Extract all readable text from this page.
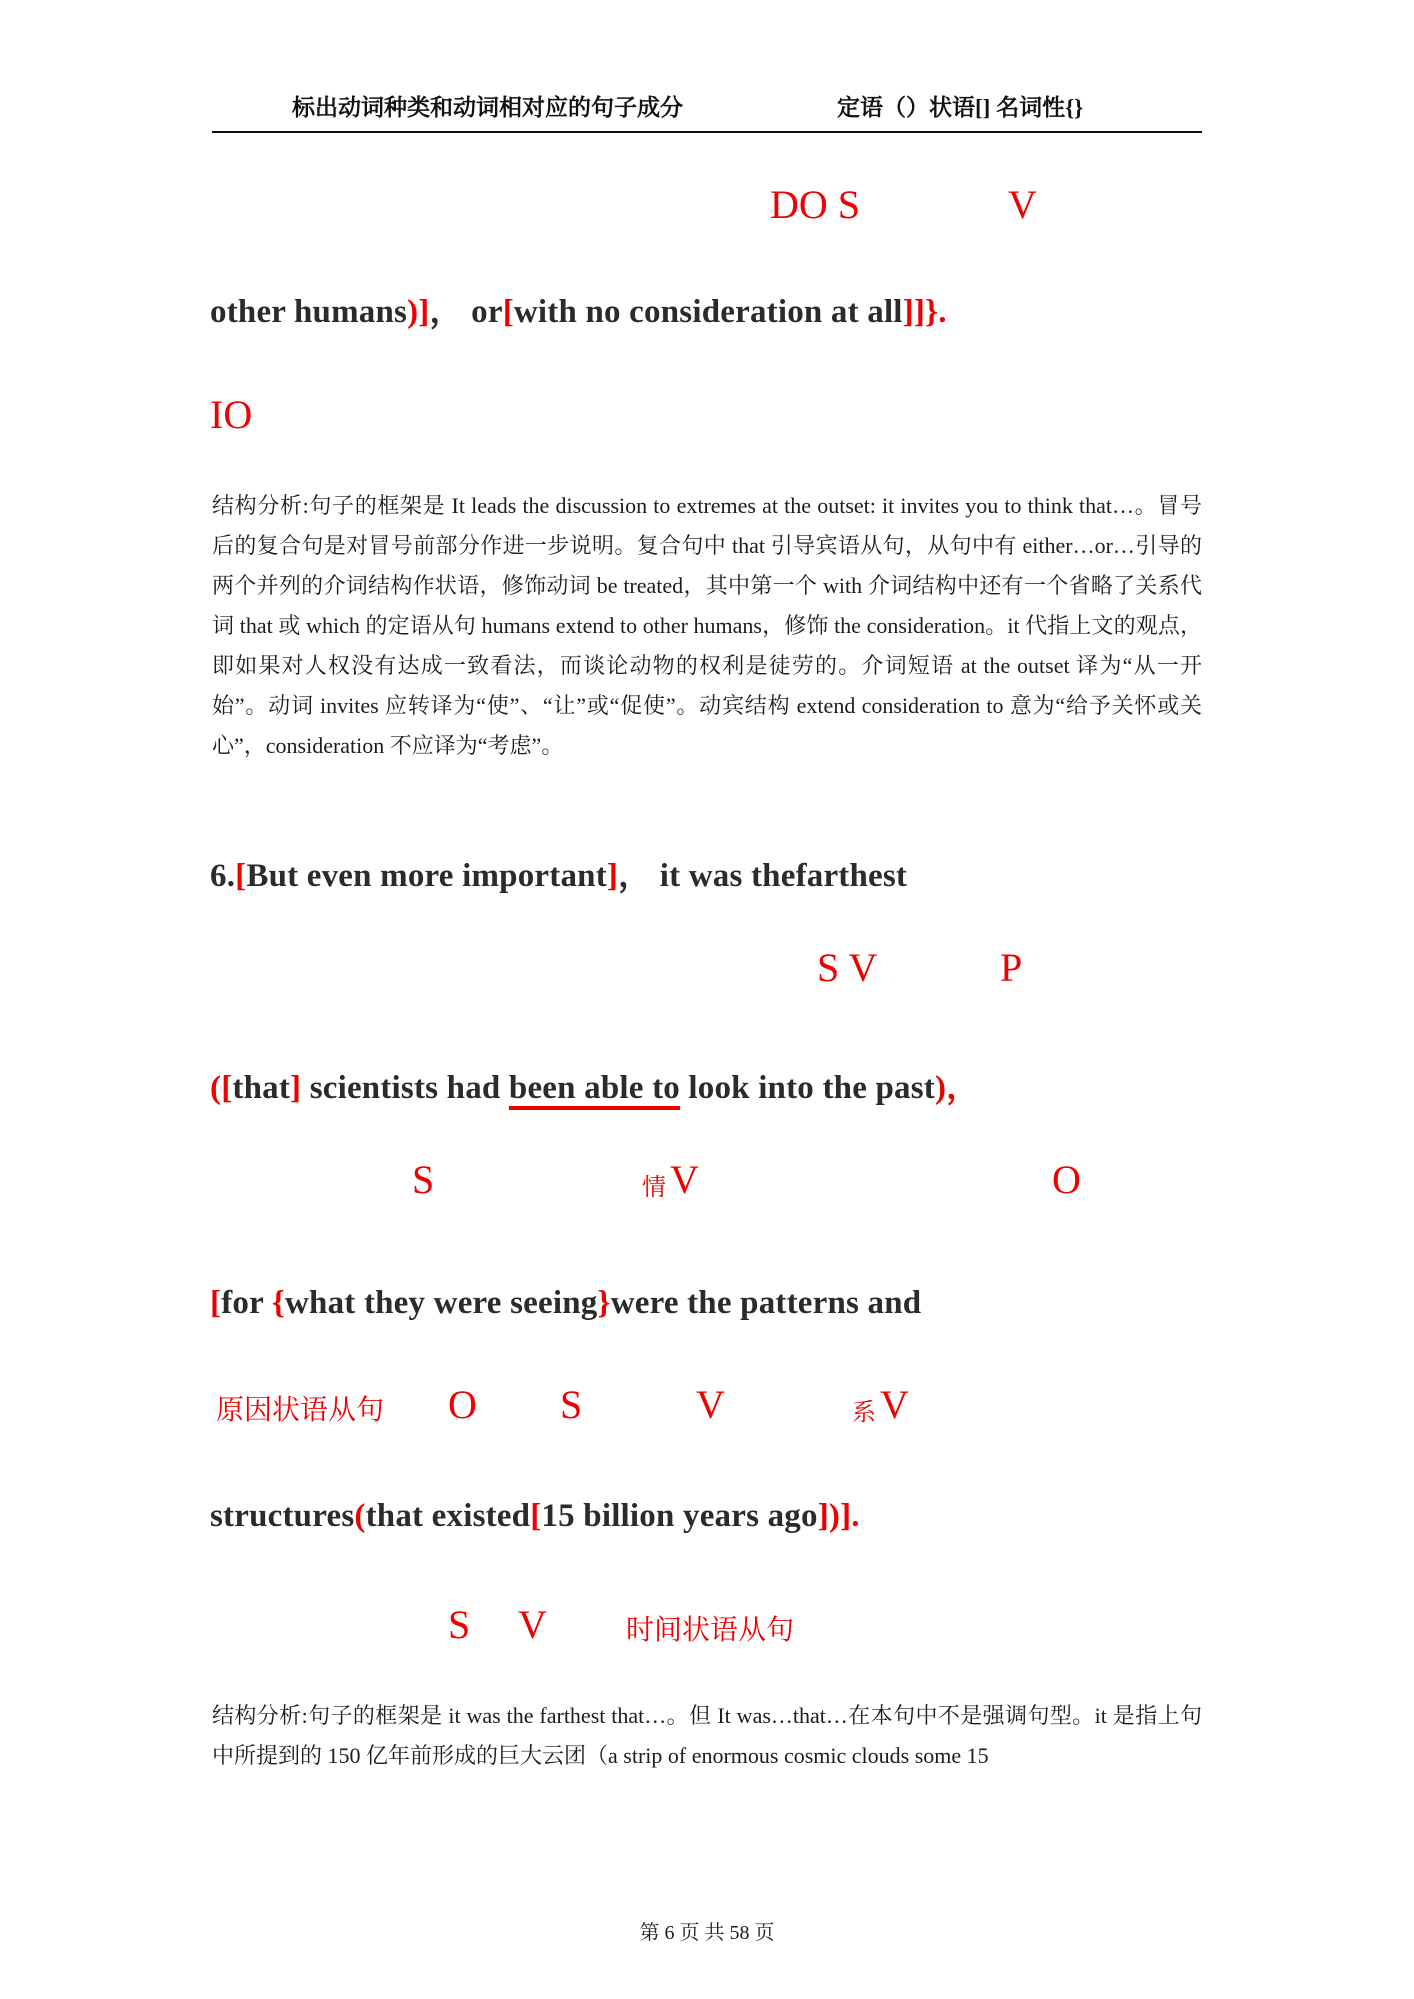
标出动词种类和动词相对应的句子成分	定语（）状语[] 名词性{}
DO S	V
other humans)]， or[with no consideration at all]]}.
IO
结构分析:句子的框架是 It leads the discussion to extremes at the outset: it invites you to think that…。冒号后的复合句是对冒号前部分作进一步说明。复合句中 that 引导宾语从句，从句中有 either…or…引导的两个并列的介词结构作状语，修饰动词 be treated，其中第一个 with 介词结构中还有一个省略了关系代词 that 或 which 的定语从句 humans extend to other humans，修饰 the consideration。it 代指上文的观点，即如果对人权没有达成一致看法，而谈论动物的权利是徒劳的。介词短语 at the outset 译为“从一开始”。动词 invites 应转译为“使”、“让”或“促使”。动宾结构 extend consideration to 意为“给予关怀或关心”，consideration 不应译为“考虑”。
6.[But even more important]， it was thefarthest
S V	P
([that] scientists had been able to look into the past)，
S	情 V	O
[for {what they were seeing}were the patterns and
原因状语从句 O S	V	系 V
structures(that existed[15 billion years ago])].
S V	时间状语从句
结构分析:句子的框架是 it was the farthest that…。但 It was…that…在本句中不是强调句型。it 是指上句中所提到的 150 亿年前形成的巨大云团（a strip of enormous cosmic clouds some 15
第 6 页 共 58 页
